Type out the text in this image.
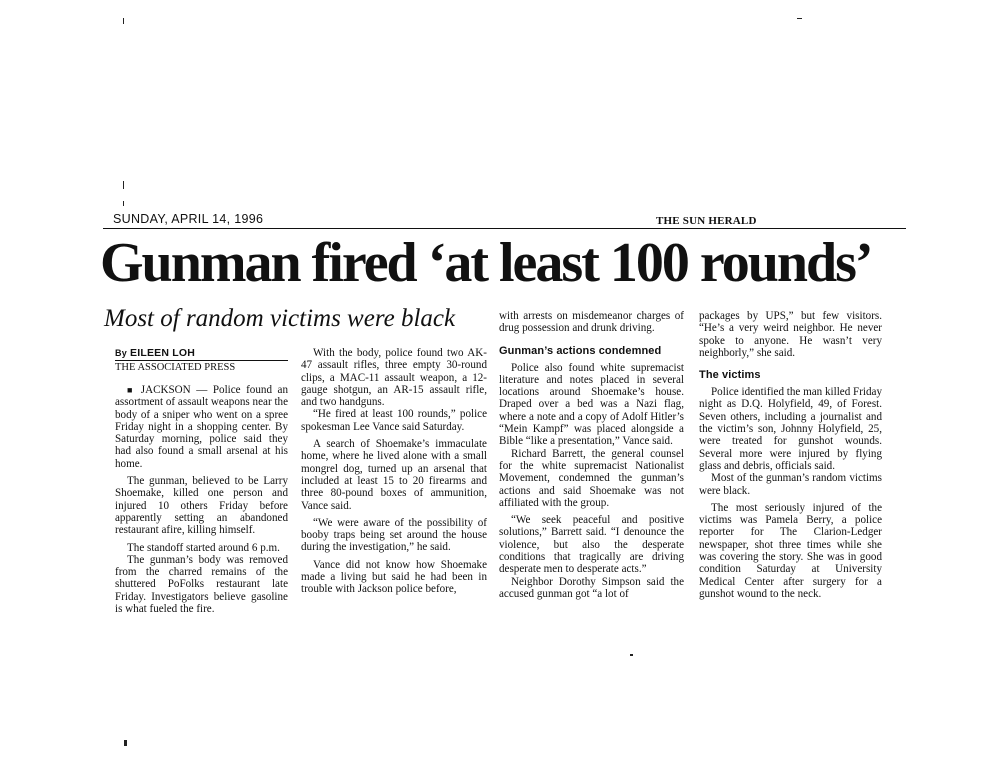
SUNDAY, APRIL 14, 1996	THE SUN HERALD
Gunman fired ‘at least 100 rounds’
Most of random victims were black
By EILEEN LOH
THE ASSOCIATED PRESS

■ JACKSON — Police found an assortment of assault weapons near the body of a sniper who went on a spree Friday night in a shopping center. By Saturday morning, police said they had also found a small arsenal at his home.

The gunman, believed to be Larry Shoemake, killed one person and injured 10 others Friday before apparently setting an abandoned restaurant afire, killing himself.

The standoff started around 6 p.m.

The gunman’s body was removed from the charred remains of the shuttered PoFolks restaurant late Friday. Investigators believe gasoline is what fueled the fire.

With the body, police found two AK-47 assault rifles, three empty 30-round clips, a MAC-11 assault weapon, a 12-gauge shotgun, an AR-15 assault rifle, and two handguns.

“He fired at least 100 rounds,” police spokesman Lee Vance said Saturday.

A search of Shoemake’s immaculate home, where he lived alone with a small mongrel dog, turned up an arsenal that included at least 15 to 20 firearms and three 80-pound boxes of ammunition, Vance said.

“We were aware of the possibility of booby traps being set around the house during the investigation,” he said.

Vance did not know how Shoemake made a living but said he had been in trouble with Jackson police before,

with arrests on misdemeanor charges of drug possession and drunk driving.

Gunman’s actions condemned

Police also found white supremacist literature and notes placed in several locations around Shoemake’s house. Draped over a bed was a Nazi flag, where a note and a copy of Adolf Hitler’s “Mein Kampf” was placed alongside a Bible “like a presentation,” Vance said.

Richard Barrett, the general counsel for the white supremacist Nationalist Movement, condemned the gunman’s actions and said Shoemake was not affiliated with the group.

“We seek peaceful and positive solutions,” Barrett said. “I denounce the violence, but also the desperate conditions that tragically are driving desperate men to desperate acts.”

Neighbor Dorothy Simpson said the accused gunman got “a lot of

packages by UPS,” but few visitors. “He’s a very weird neighbor. He never spoke to anyone. He wasn’t very neighborly,” she said.

The victims

Police identified the man killed Friday night as D.Q. Holyfield, 49, of Forest. Seven others, including a journalist and the victim’s son, Johnny Holyfield, 25, were treated for gunshot wounds. Several more were injured by flying glass and debris, officials said.

Most of the gunman’s random victims were black.

The most seriously injured of the victims was Pamela Berry, a police reporter for The Clarion-Ledger newspaper, shot three times while she was covering the story. She was in good condition Saturday at University Medical Center after surgery for a gunshot wound to the neck.
